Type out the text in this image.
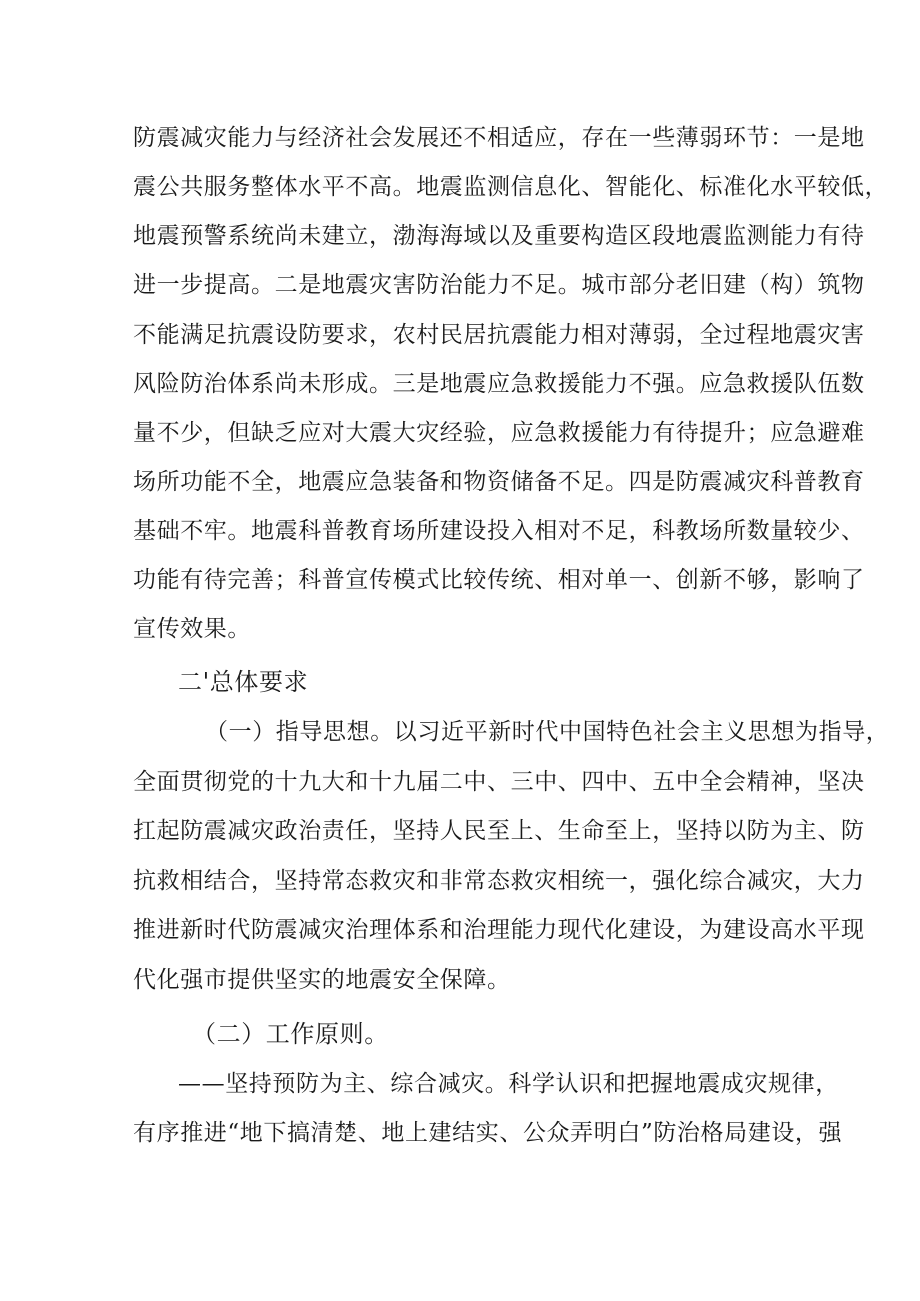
防震减灾能力与经济社会发展还不相适应，存在一些薄弱环节：一是地
震公共服务整体水平不高。地震监测信息化、智能化、标准化水平较低，
地震预警系统尚未建立，渤海海域以及重要构造区段地震监测能力有待
进一步提高。二是地震灾害防治能力不足。城市部分老旧建（构）筑物
不能满足抗震设防要求，农村民居抗震能力相对薄弱，全过程地震灾害
风险防治体系尚未形成。三是地震应急救援能力不强。应急救援队伍数
量不少，但缺乏应对大震大灾经验，应急救援能力有待提升；应急避难
场所功能不全，地震应急装备和物资储备不足。四是防震减灾科普教育
基础不牢。地震科普教育场所建设投入相对不足，科教场所数量较少、
功能有待完善；科普宣传模式比较传统、相对单一、创新不够，影响了
宣传效果。
二'总体要求
（一）指导思想。以习近平新时代中国特色社会主义思想为指导，
全面贯彻党的十九大和十九届二中、三中、四中、五中全会精神，坚决
扛起防震减灾政治责任，坚持人民至上、生命至上，坚持以防为主、防
抗救相结合，坚持常态救灾和非常态救灾相统一，强化综合减灾，大力
推进新时代防震减灾治理体系和治理能力现代化建设，为建设高水平现
代化强市提供坚实的地震安全保障。
（二）工作原则。
——坚持预防为主、综合减灾。科学认识和把握地震成灾规律，
有序推进“地下搞清楚、地上建结实、公众弄明白”防治格局建设，强
